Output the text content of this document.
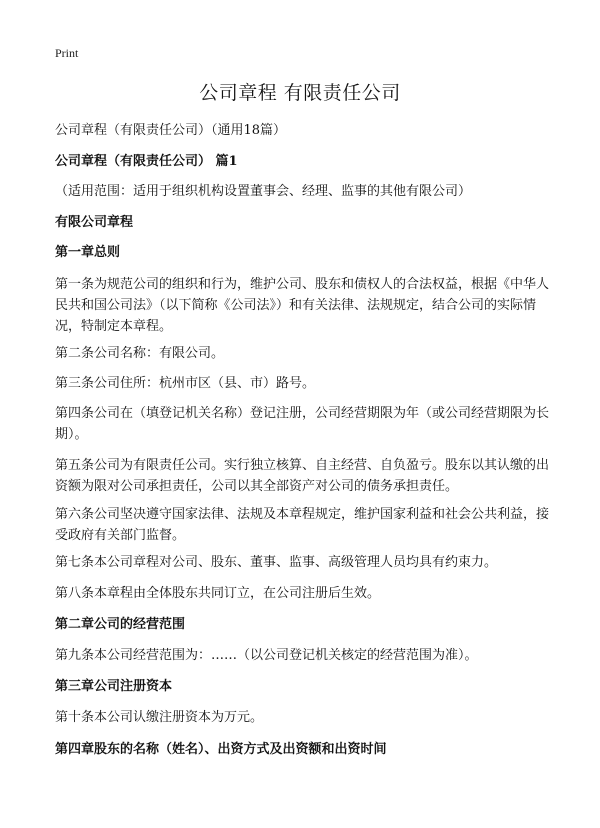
Print
公司章程 有限责任公司

公司章程（有限责任公司）（通用18篇）

公司章程（有限责任公司） 篇1

（适用范围：适用于组织机构设置董事会、经理、监事的其他有限公司）

有限公司章程

第一章总则

第一条为规范公司的组织和行为，维护公司、股东和债权人的合法权益，根据《中华人民共和国公司法》（以下简称《公司法》）和有关法律、法规规定，结合公司的实际情况，特制定本章程。

第二条公司名称：有限公司。

第三条公司住所：杭州市区（县、市）路号。

第四条公司在（填登记机关名称）登记注册，公司经营期限为年（或公司经营期限为长期）。

第五条公司为有限责任公司。实行独立核算、自主经营、自负盈亏。股东以其认缴的出资额为限对公司承担责任，公司以其全部资产对公司的债务承担责任。

第六条公司坚决遵守国家法律、法规及本章程规定，维护国家利益和社会公共利益，接受政府有关部门监督。

第七条本公司章程对公司、股东、董事、监事、高级管理人员均具有约束力。

第八条本章程由全体股东共同订立，在公司注册后生效。

第二章公司的经营范围

第九条本公司经营范围为：……（以公司登记机关核定的经营范围为准）。

第三章公司注册资本

第十条本公司认缴注册资本为万元。

第四章股东的名称（姓名）、出资方式及出资额和出资时间
